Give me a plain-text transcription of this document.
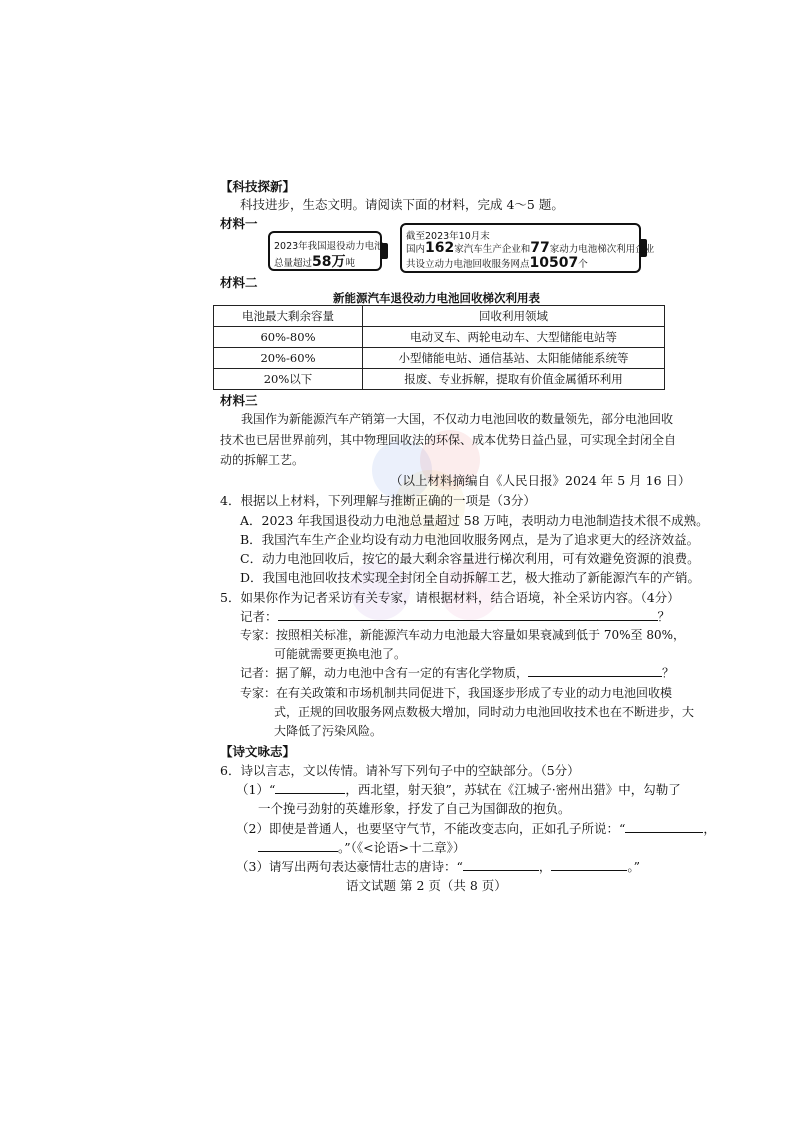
【科技探新】
科技进步，生态文明。请阅读下面的材料，完成 4～5 题。
材料一
2023年我国退役动力电池
总量超过58万吨
截至2023年10月末
国内162家汽车生产企业和77家动力电池梯次利用企业
共设立动力电池回收服务网点10507个
材料二
新能源汽车退役动力电池回收梯次利用表
电池最大剩余容量	回收利用领域
60%-80%	电动叉车、两轮电动车、大型储能电站等
20%-60%	小型储能电站、通信基站、太阳能储能系统等
20%以下	报废、专业拆解，提取有价值金属循环利用
材料三
我国作为新能源汽车产销第一大国，不仅动力电池回收的数量领先，部分电池回收
技术也已居世界前列，其中物理回收法的环保、成本优势日益凸显，可实现全封闭全自
动的拆解工艺。
（以上材料摘编自《人民日报》2024 年 5 月 16 日）
4．根据以上材料，下列理解与推断正确的一项是（3分）
A．2023 年我国退役动力电池总量超过 58 万吨，表明动力电池制造技术很不成熟。
B．我国汽车生产企业均设有动力电池回收服务网点，是为了追求更大的经济效益。
C．动力电池回收后，按它的最大剩余容量进行梯次利用，可有效避免资源的浪费。
D．我国电池回收技术实现全封闭全自动拆解工艺，极大推动了新能源汽车的产销。
5．如果你作为记者采访有关专家，请根据材料，结合语境，补全采访内容。（4分）
记者：	？
专家：按照相关标准，新能源汽车动力电池最大容量如果衰减到低于 70%至 80%，
可能就需要更换电池了。
记者：据了解，动力电池中含有一定的有害化学物质，	？
专家：在有关政策和市场机制共同促进下，我国逐步形成了专业的动力电池回收模
式，正规的回收服务网点数极大增加，同时动力电池回收技术也在不断进步，大
大降低了污染风险。
【诗文咏志】
6．诗以言志，文以传情。请补写下列句子中的空缺部分。（5分）
（1）“	，西北望，射天狼”，苏轼在《江城子·密州出猎》中，勾勒了
一个挽弓劲射的英雄形象，抒发了自己为国御敌的抱负。
（2）即使是普通人，也要坚守气节，不能改变志向，正如孔子所说：“	，
。”（《<论语>十二章》）
（3）请写出两句表达豪情壮志的唐诗：“	，	。”
语文试题 第 2 页（共 8 页）
